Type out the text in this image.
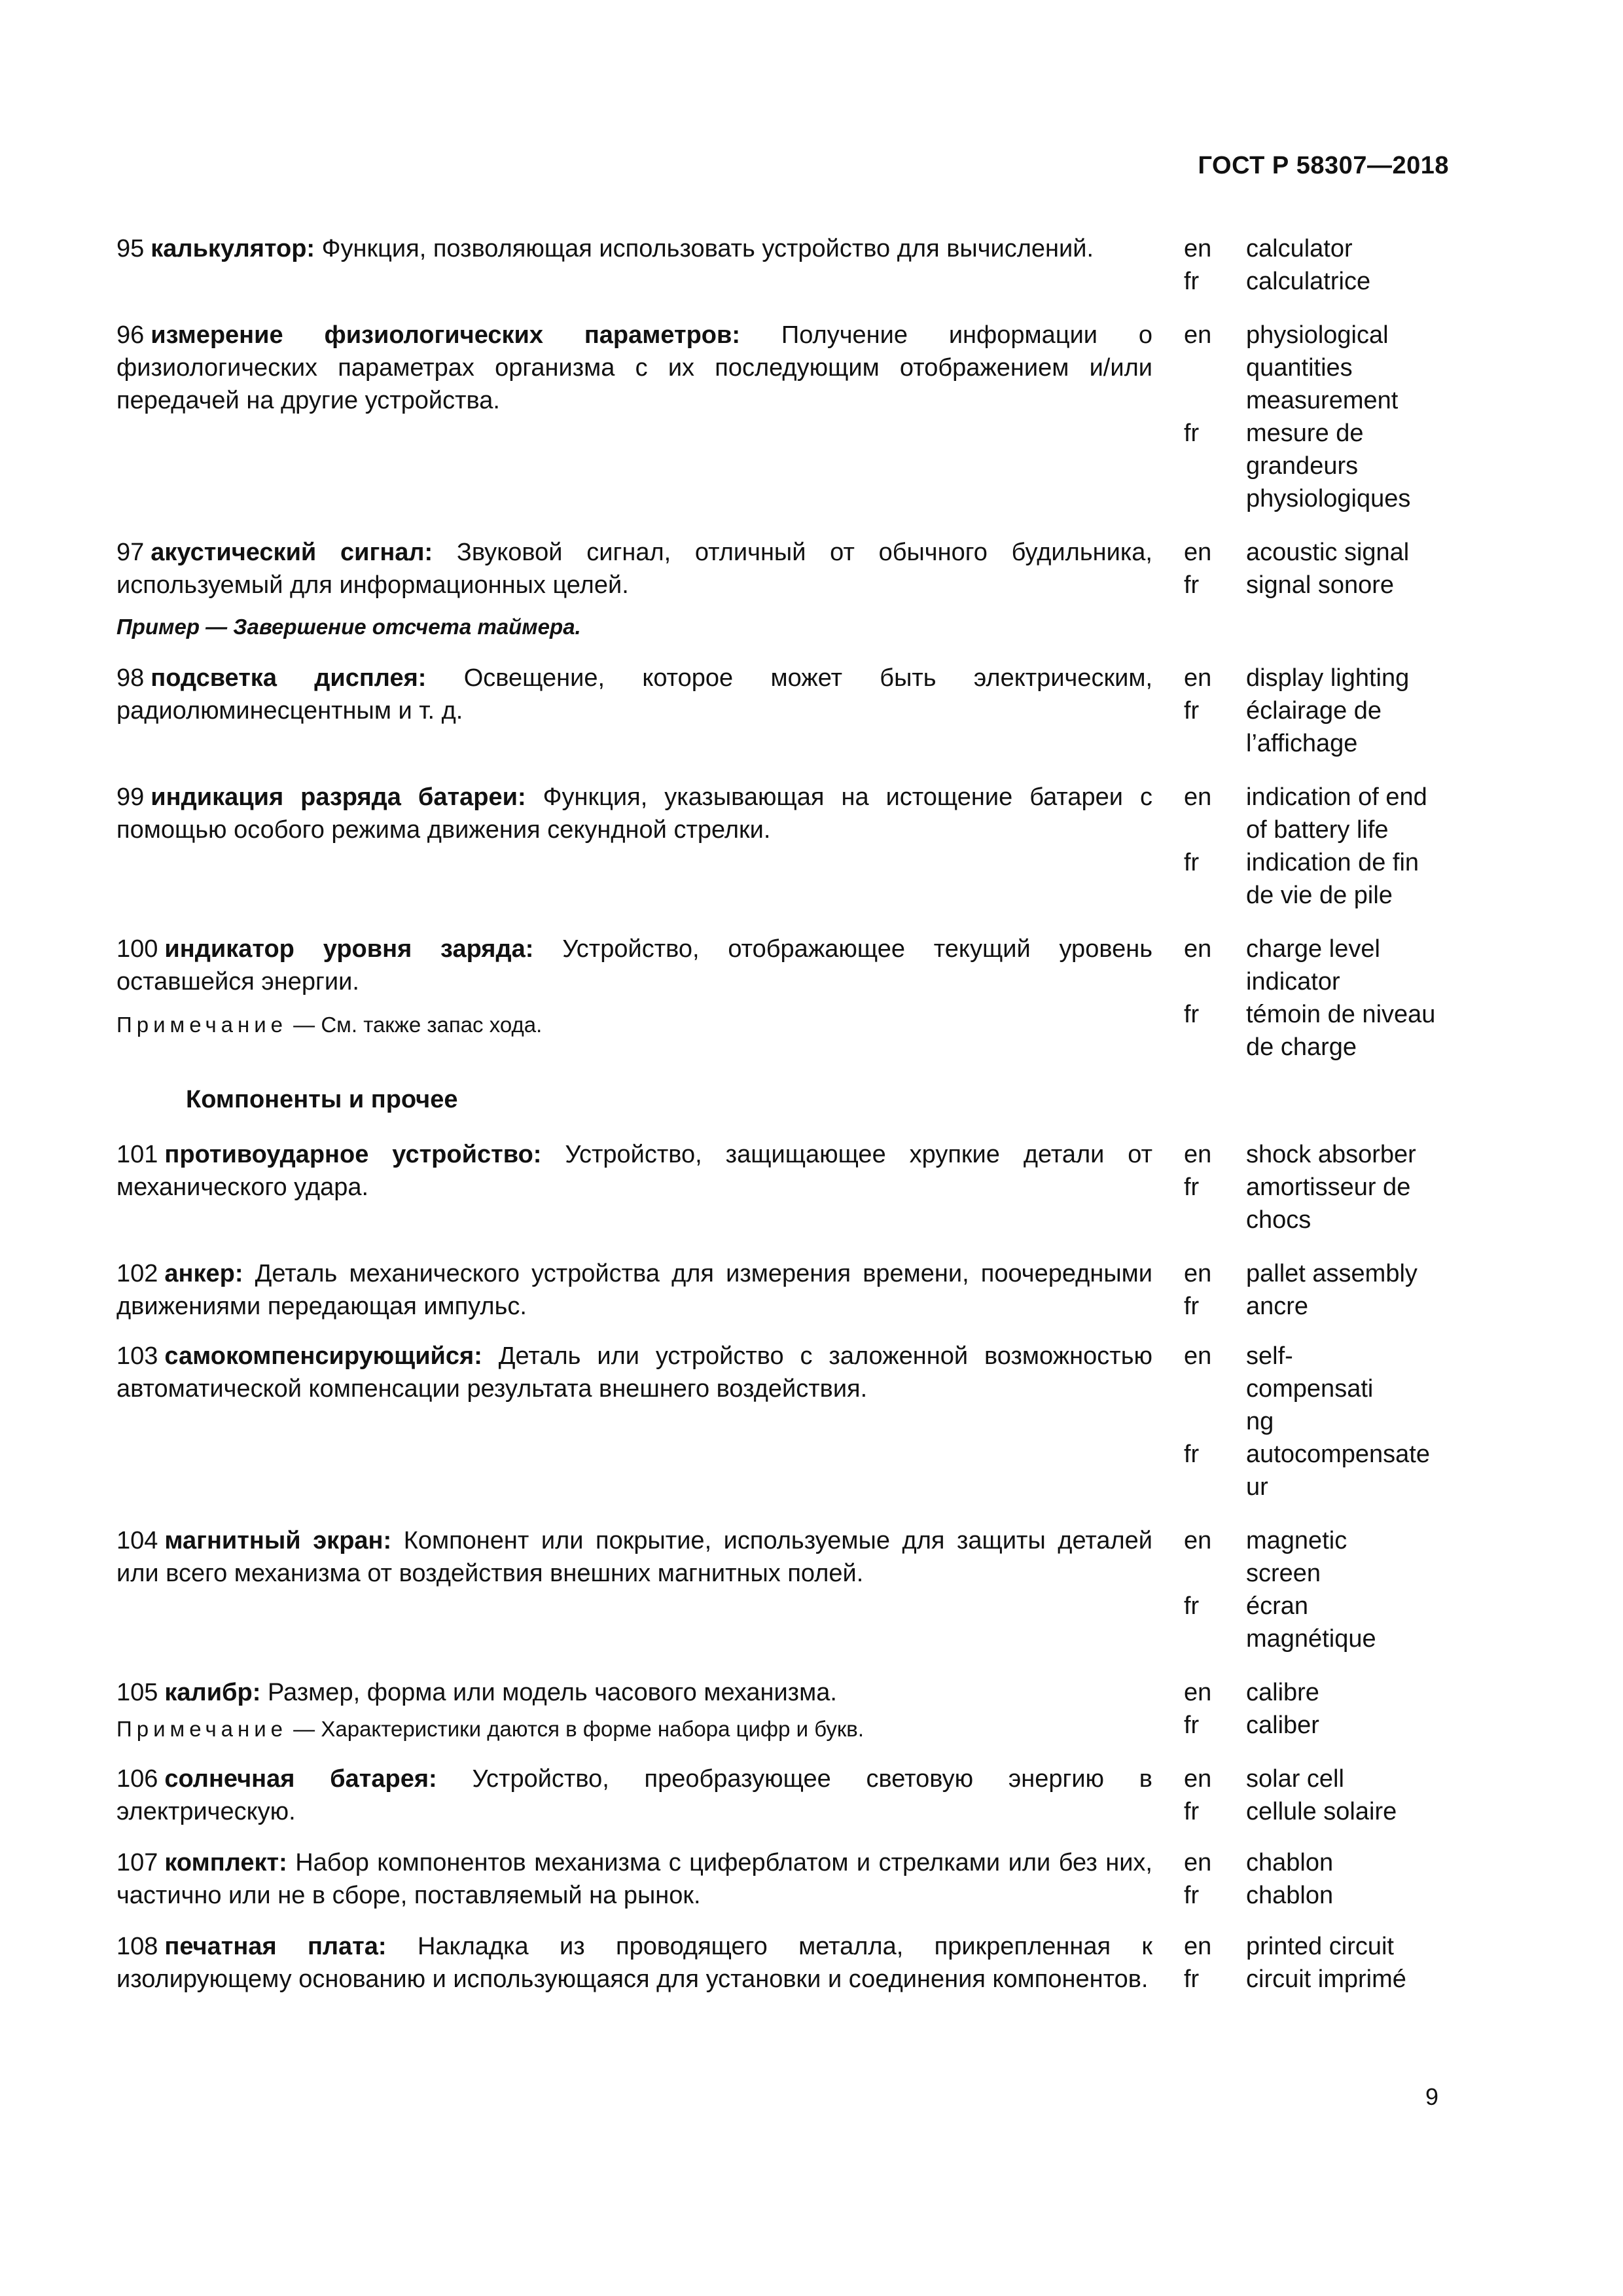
ГОСТ Р 58307—2018
95 калькулятор: Функция, позволяющая использовать устройство для вычислений.	en	calculator
fr	calculatrice
96 измерение физиологических параметров: Получение информации о физиологических параметрах организма с их последующим отображением и/или передачей на другие устройства.
en	physiological quantities measurement
fr	mesure de grandeurs physiologiques
97 акустический сигнал: Звуковой сигнал, отличный от обычного будильника, используемый для информационных целей.
Пример — Завершение отсчета таймера.
en	acoustic signal
fr	signal sonore
98 подсветка дисплея: Освещение, которое может быть электрическим, радиолюминесцентным и т. д.
en	display lighting
fr	éclairage de l’affichage
99 индикация разряда батареи: Функция, указывающая на истощение батареи с помощью особого режима движения секундной стрелки.
en	indication of end of battery life
fr	indication de fin de vie de pile
100 индикатор уровня заряда: Устройство, отображающее текущий уровень оставшейся энергии.
Примечание — См. также запас хода.
en	charge level indicator
fr	témoin de niveau de charge
Компоненты и прочее
101 противоударное устройство: Устройство, защищающее хрупкие детали от механического удара.
en	shock absorber
fr	amortisseur de chocs
102 анкер: Деталь механического устройства для измерения времени, поочередными движениями передающая импульс.
en	pallet assembly
fr	ancre
103 самокомпенсирующийся: Деталь или устройство с заложенной возможностью автоматической компенсации результата внешнего воздействия.
en	self-compensating
fr	autocompensateur
104 магнитный экран: Компонент или покрытие, используемые для защиты деталей или всего механизма от воздействия внешних магнитных полей.
en	magnetic screen
fr	écran magnétique
105 калибр: Размер, форма или модель часового механизма.
Примечание — Характеристики даются в форме набора цифр и букв.
en	calibre
fr	caliber
106 солнечная батарея: Устройство, преобразующее световую энергию в электрическую.
en	solar cell
fr	cellule solaire
107 комплект: Набор компонентов механизма с циферблатом и стрелками или без них, частично или не в сборе, поставляемый на рынок.
en	chablon
fr	chablon
108 печатная плата: Накладка из проводящего металла, прикрепленная к изолирующему основанию и использующаяся для установки и соединения компонентов.
en	printed circuit
fr	circuit imprimé
9
